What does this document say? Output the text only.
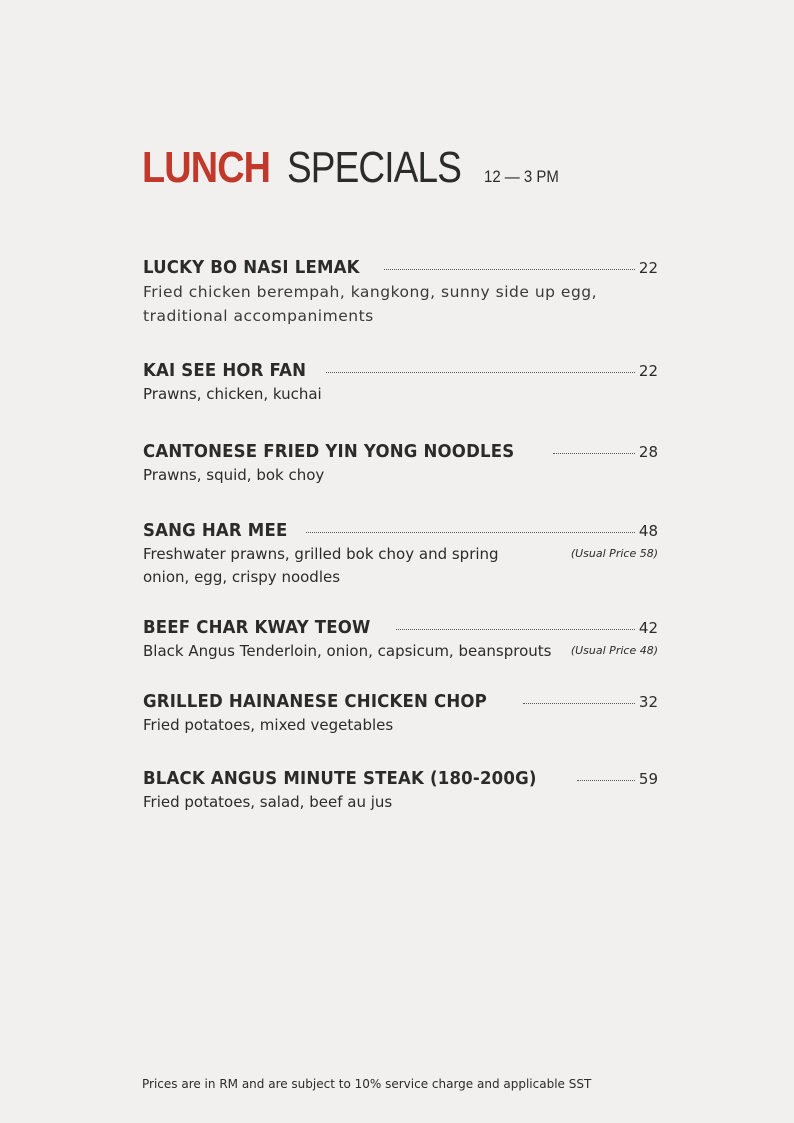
LUNCH SPECIALS 12 — 3 PM
LUCKY BO NASI LEMAK	22
Fried chicken berempah, kangkong, sunny side up egg, traditional accompaniments
KAI SEE HOR FAN	22
Prawns, chicken, kuchai
CANTONESE FRIED YIN YONG NOODLES	28
Prawns, squid, bok choy
SANG HAR MEE	48
Freshwater prawns, grilled bok choy and spring onion, egg, crispy noodles
(Usual Price 58)
BEEF CHAR KWAY TEOW	42
Black Angus Tenderloin, onion, capsicum, beansprouts (Usual Price 48)
GRILLED HAINANESE CHICKEN CHOP	32
Fried potatoes, mixed vegetables
BLACK ANGUS MINUTE STEAK (180-200G)	59
Fried potatoes, salad, beef au jus
Prices are in RM and are subject to 10% service charge and applicable SST
